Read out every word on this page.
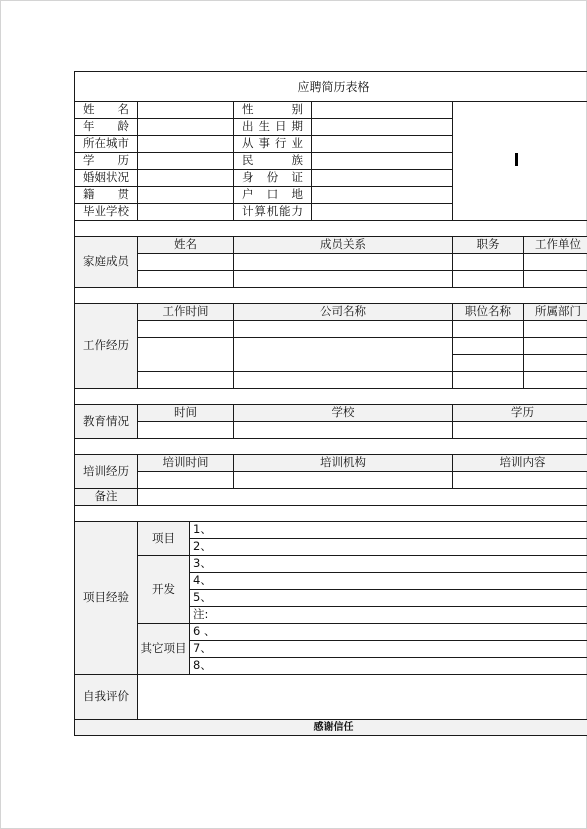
应聘简历表格						
姓 名			性 别			
年 龄			出生日期			
所在城市			从事行业			
学 历			民 族			
婚姻状况			身份证			
籍 贯			户口地			
毕业学校			计算机能力			

家庭成员	姓名		成员关系		职务	工作单位

工作经历	工作时间		公司名称		职位名称	所属部门

教育情况	时间		学校		学历	

培训经历	培训时间		培训机构		培训内容	

备注						

项目经验	项目	1、				
		2、				
	开发	3、				
		4、				
		5、				
		注:				
	其它项目	6 、				
		7、				
		8、				
自我评价						
感谢信任						
